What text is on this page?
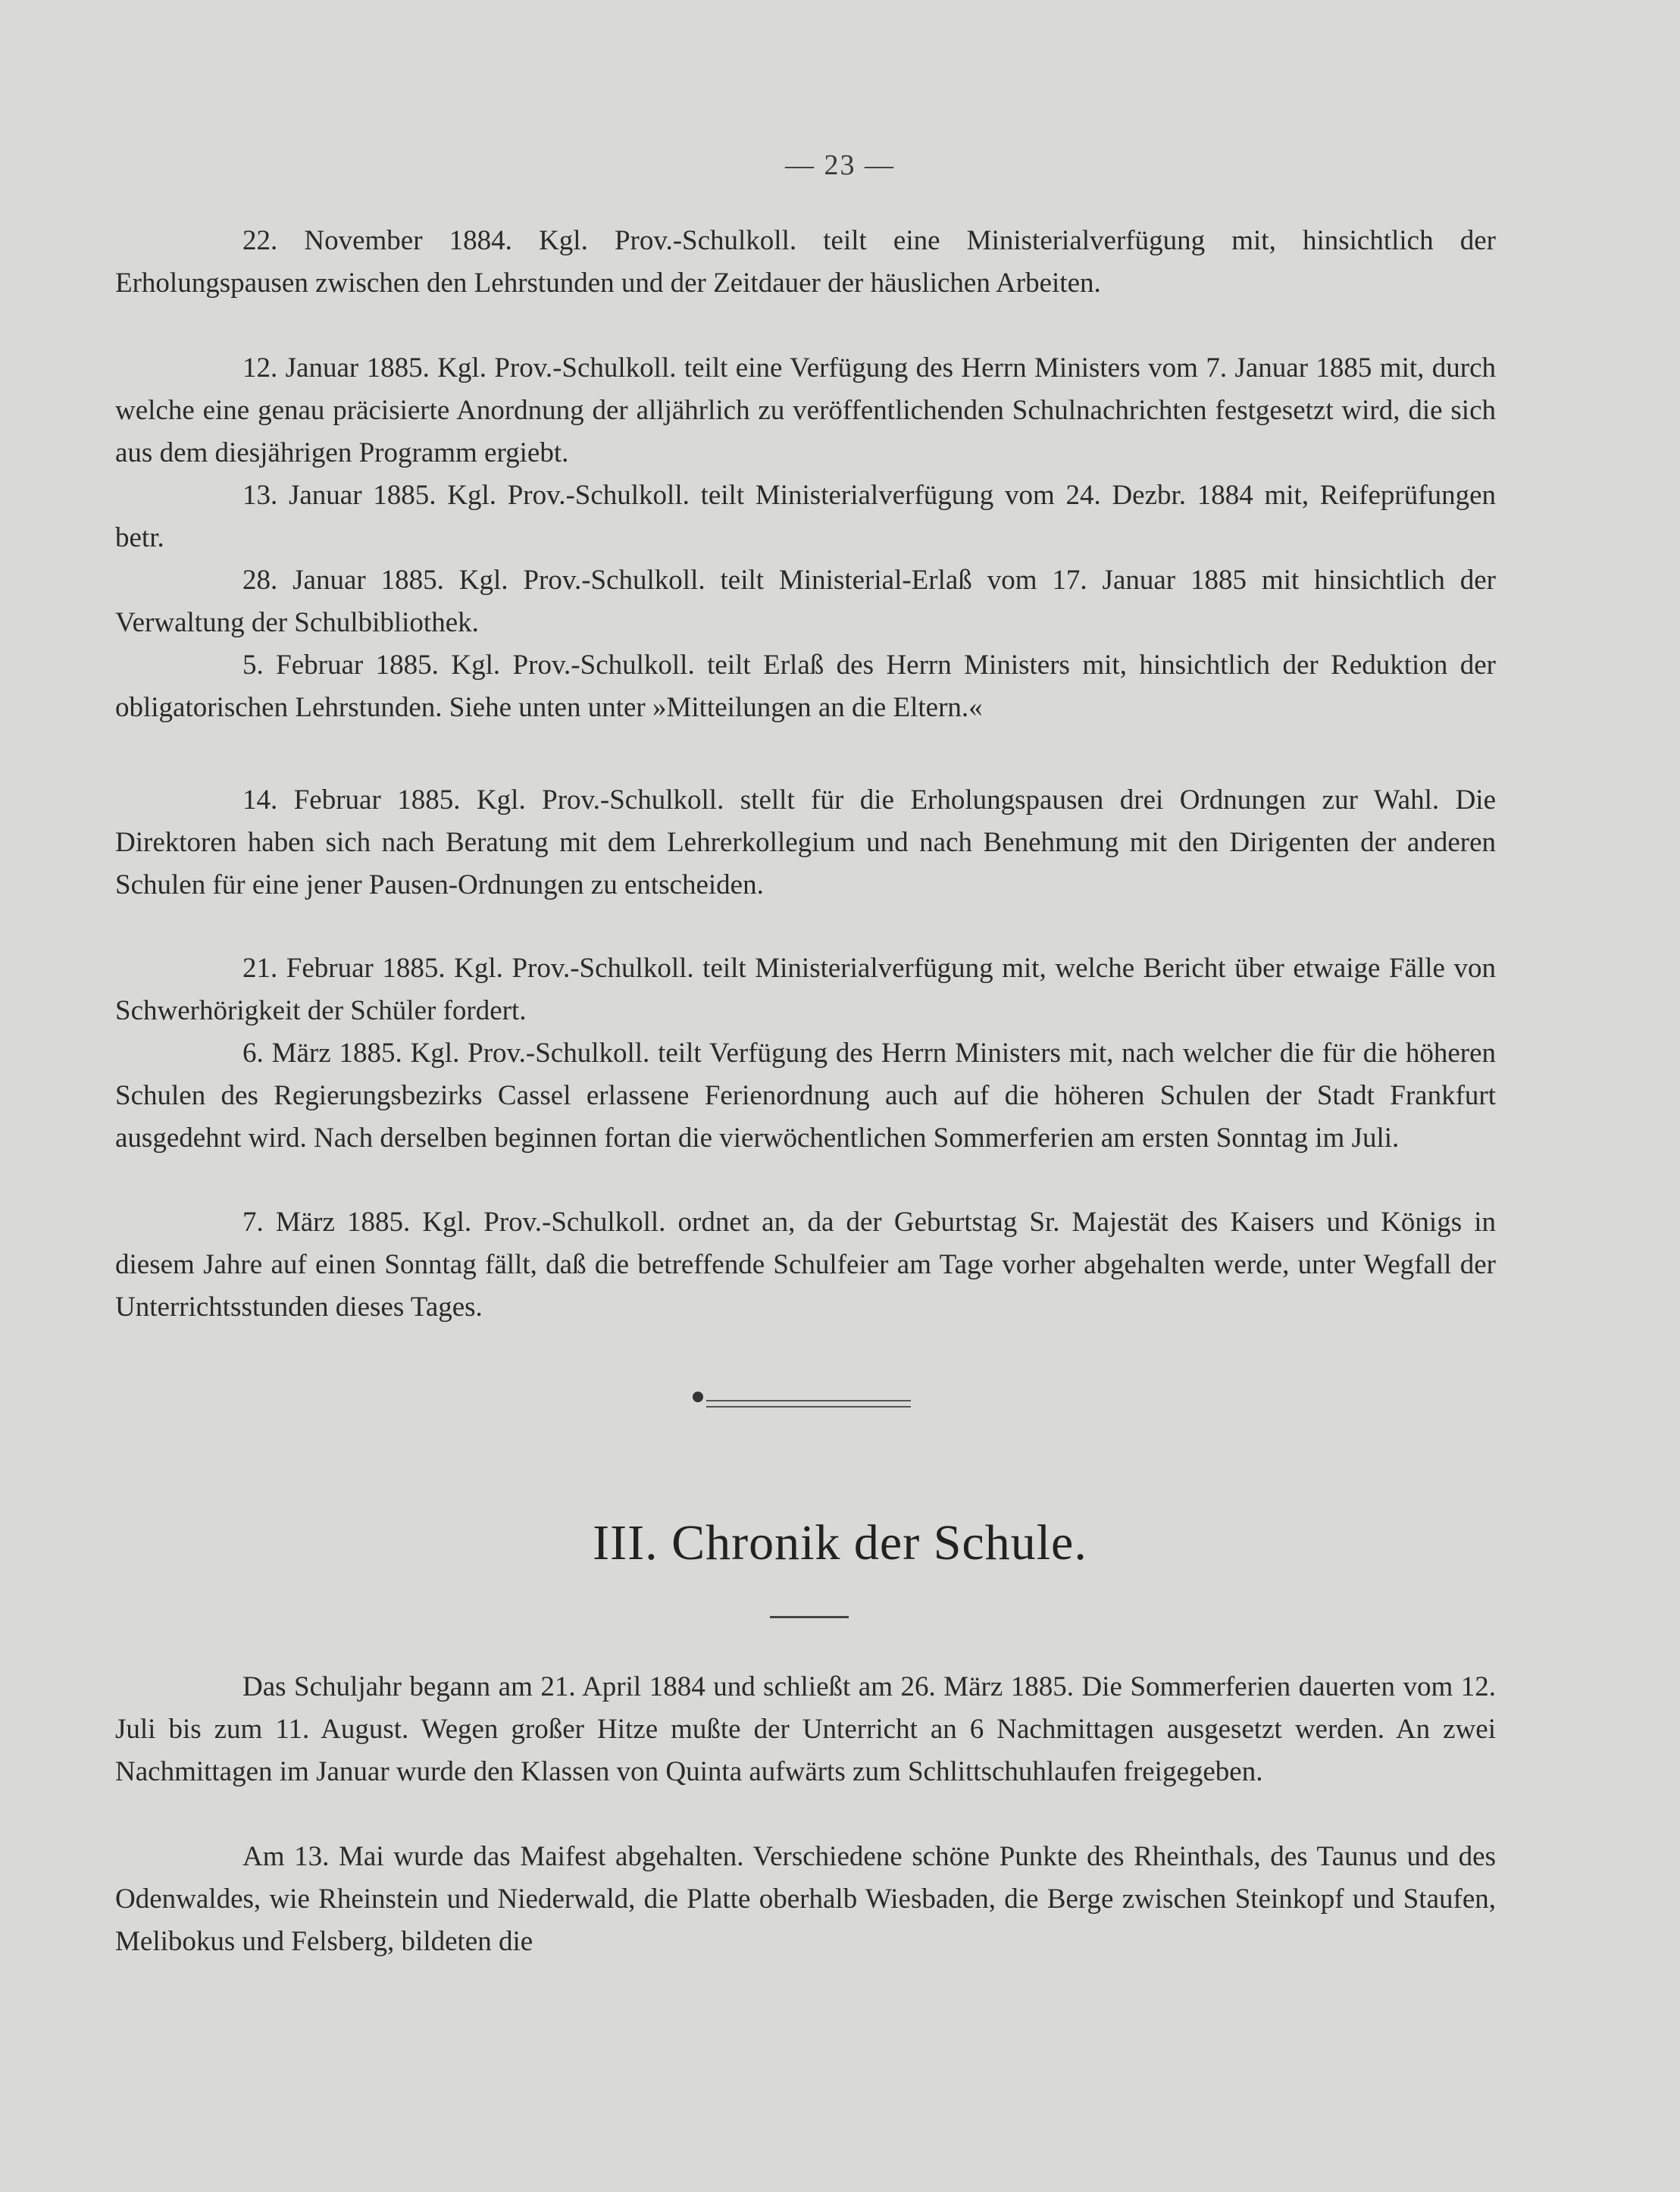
— 23 —

22. November 1884. Kgl. Prov.-Schulkoll. teilt eine Ministerialverfügung mit, hinsichtlich der Erholungspausen zwischen den Lehrstunden und der Zeitdauer der häuslichen Arbeiten.

12. Januar 1885. Kgl. Prov.-Schulkoll. teilt eine Verfügung des Herrn Ministers vom 7. Januar 1885 mit, durch welche eine genau präcisierte Anordnung der alljährlich zu veröffentlichenden Schulnachrichten festgesetzt wird, die sich aus dem diesjährigen Programm ergiebt.

13. Januar 1885. Kgl. Prov.-Schulkoll. teilt Ministerialverfügung vom 24. Dezbr. 1884 mit, Reifeprüfungen betr.

28. Januar 1885. Kgl. Prov.-Schulkoll. teilt Ministerial-Erlaß vom 17. Januar 1885 mit hinsichtlich der Verwaltung der Schulbibliothek.

5. Februar 1885. Kgl. Prov.-Schulkoll. teilt Erlaß des Herrn Ministers mit, hinsichtlich der Reduktion der obligatorischen Lehrstunden. Siehe unten unter »Mitteilungen an die Eltern.«

14. Februar 1885. Kgl. Prov.-Schulkoll. stellt für die Erholungspausen drei Ordnungen zur Wahl. Die Direktoren haben sich nach Beratung mit dem Lehrerkollegium und nach Benehmung mit den Dirigenten der anderen Schulen für eine jener Pausen-Ordnungen zu entscheiden.

21. Februar 1885. Kgl. Prov.-Schulkoll. teilt Ministerialverfügung mit, welche Bericht über etwaige Fälle von Schwerhörigkeit der Schüler fordert.

6. März 1885. Kgl. Prov.-Schulkoll. teilt Verfügung des Herrn Ministers mit, nach welcher die für die höheren Schulen des Regierungsbezirks Cassel erlassene Ferienordnung auch auf die höheren Schulen der Stadt Frankfurt ausgedehnt wird. Nach derselben beginnen fortan die vierwöchentlichen Sommerferien am ersten Sonntag im Juli.

7. März 1885. Kgl. Prov.-Schulkoll. ordnet an, da der Geburtstag Sr. Majestät des Kaisers und Königs in diesem Jahre auf einen Sonntag fällt, daß die betreffende Schulfeier am Tage vorher abgehalten werde, unter Wegfall der Unterrichtsstunden dieses Tages.

III. Chronik der Schule.

Das Schuljahr begann am 21. April 1884 und schließt am 26. März 1885. Die Sommerferien dauerten vom 12. Juli bis zum 11. August. Wegen großer Hitze mußte der Unterricht an 6 Nachmittagen ausgesetzt werden. An zwei Nachmittagen im Januar wurde den Klassen von Quinta aufwärts zum Schlittschuhlaufen freigegeben.

Am 13. Mai wurde das Maifest abgehalten. Verschiedene schöne Punkte des Rheinthals, des Taunus und des Odenwaldes, wie Rheinstein und Niederwald, die Platte oberhalb Wiesbaden, die Berge zwischen Steinkopf und Staufen, Melibokus und Felsberg, bildeten die
